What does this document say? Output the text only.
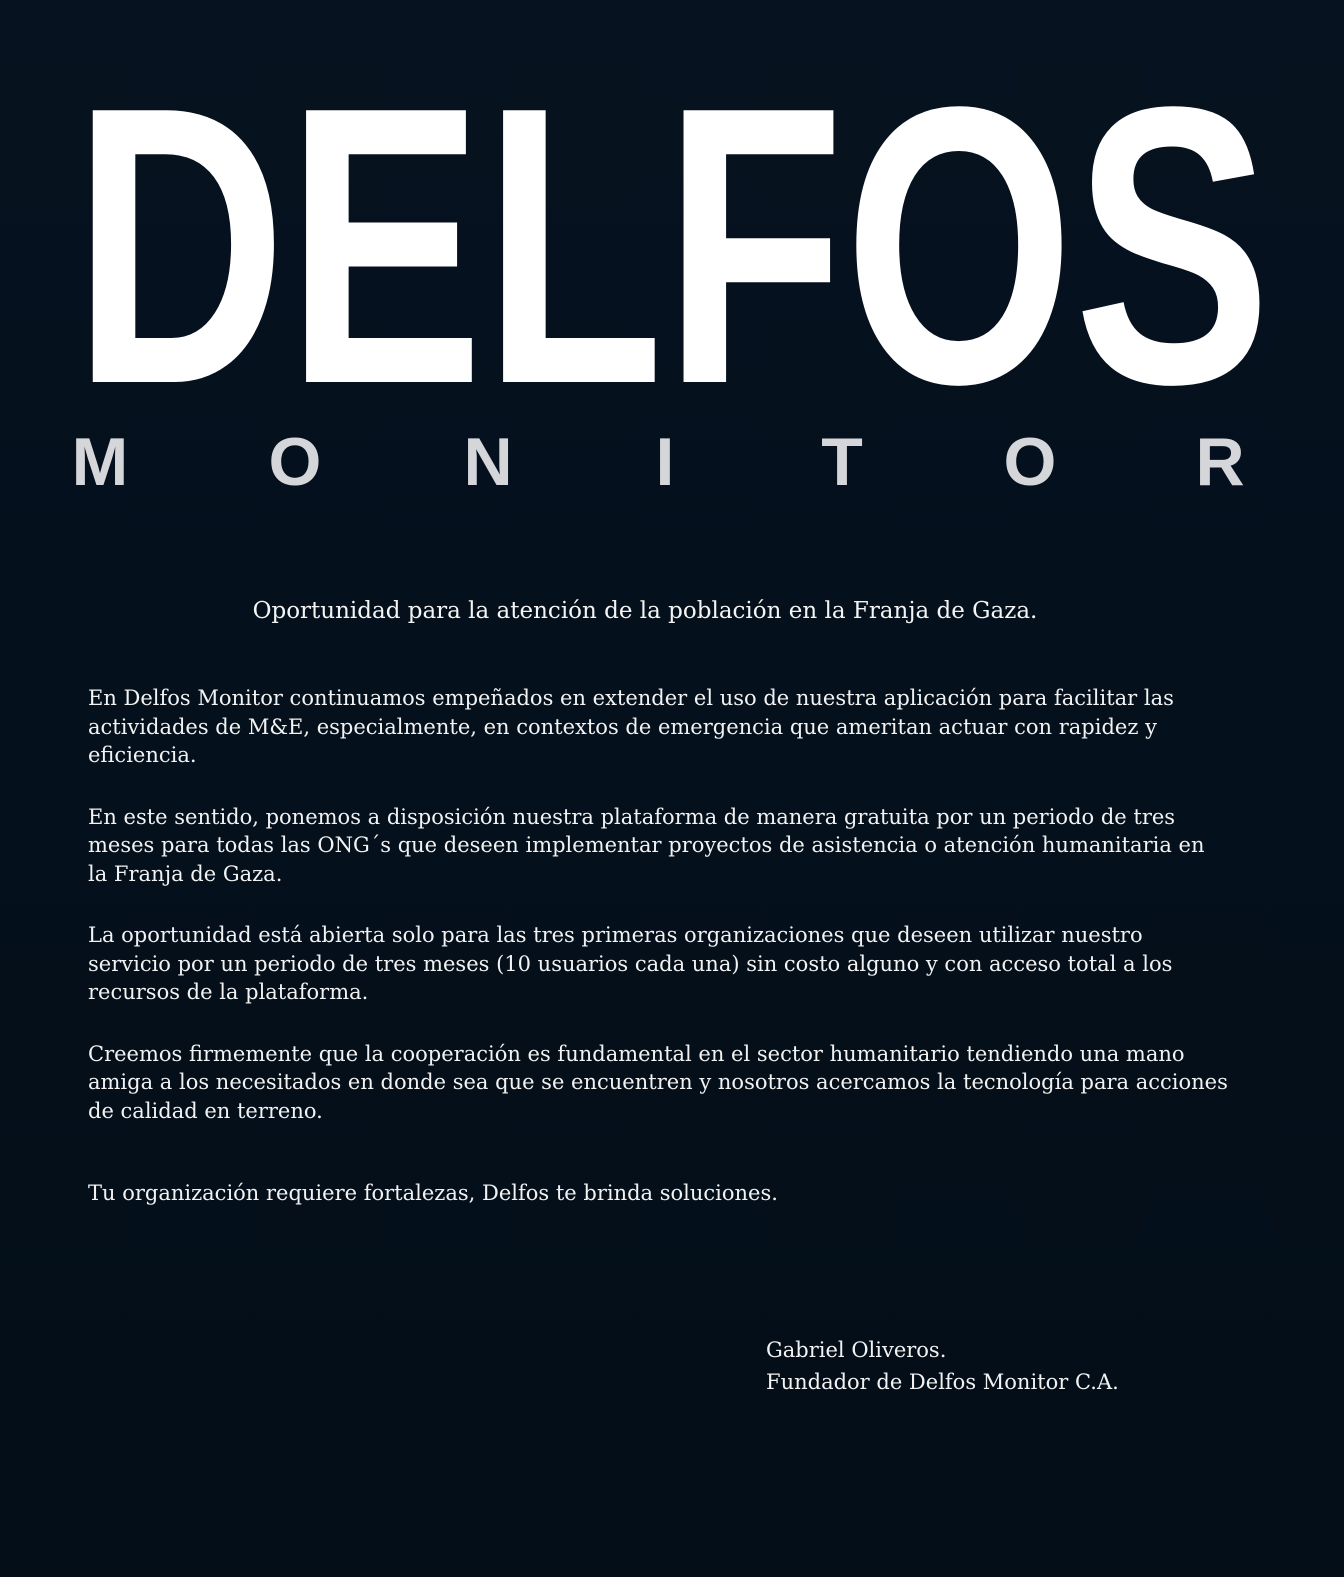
DELFOS
M O N I T O R
Oportunidad para la atención de la población en la Franja de Gaza.

En Delfos Monitor continuamos empeñados en extender el uso de nuestra aplicación para facilitar las actividades de M&E, especialmente, en contextos de emergencia que ameritan actuar con rapidez y eficiencia.

En este sentido, ponemos a disposición nuestra plataforma de manera gratuita por un periodo de tres meses para todas las ONG´s que deseen implementar proyectos de asistencia o atención humanitaria en la Franja de Gaza.

La oportunidad está abierta solo para las tres primeras organizaciones que deseen utilizar nuestro servicio por un periodo de tres meses (10 usuarios cada una) sin costo alguno y con acceso total a los recursos de la plataforma.

Creemos firmemente que la cooperación es fundamental en el sector humanitario tendiendo una mano amiga a los necesitados en donde sea que se encuentren y nosotros acercamos la tecnología para acciones de calidad en terreno.

Tu organización requiere fortalezas, Delfos te brinda soluciones.
Gabriel Oliveros.
Fundador de Delfos Monitor C.A.
